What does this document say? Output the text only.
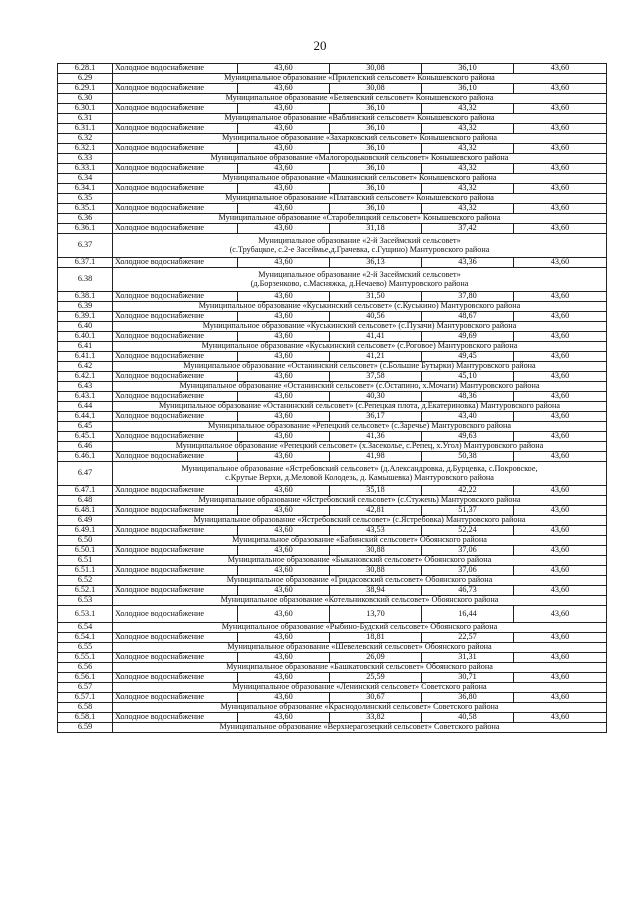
20
6.28.1	Холодное водоснабжение	43,60	30,08	36,10	43,60
6.29	Муниципальное образование «Прилепский сельсовет» Конышевского района				

6.29.1	Холодное водоснабжение	43,60	30,08	36,10	43,60
6.30	Муниципальное образование «Беляевский сельсовет» Конышевского района				

6.30.1	Холодное водоснабжение	43,60	36,10	43,32	43,60
6.31	Муниципальное образование «Ваблинский сельсовет» Конышевского района				

6.31.1	Холодное водоснабжение	43,60	36,10	43,32	43,60
6.32	Муниципальное образование «Захарковский сельсовет» Конышевского района				

6.32.1	Холодное водоснабжение	43,60	36,10	43,32	43,60
6.33	Муниципальное образование «Малогородьковский сельсовет» Конышевского района				

6.33.1	Холодное водоснабжение	43,60	36,10	43,32	43,60
6.34	Муниципальное образование «Машкинский сельсовет» Конышевского района				

6.34.1	Холодное водоснабжение	43,60	36,10	43,32	43,60
6.35	Муниципальное образование «Платавский сельсовет» Конышевского района				

6.35.1	Холодное водоснабжение	43,60	36,10	43,32	43,60
6.36	Муниципальное образование «Старобелицкий сельсовет» Конышевского района				

6.36.1	Холодное водоснабжение	43,60	31,18	37,42	43,60
6.37	Муниципальное образование «2-й Засеймский сельсовет»
(с.Трубацкое, с.2-е Засеймье,д.Грачевка, с.Гущино) Мантуровского района				

6.37.1	Холодное водоснабжение	43,60	36,13	43,36	43,60
6.38	Муниципальное образование «2-й Засеймский сельсовет»
(д.Борзенково, с.Масняжка, д.Нечаево) Мантуровского района				

6.38.1	Холодное водоснабжение	43,60	31,50	37,80	43,60
6.39	Муниципальное образование «Куськинский сельсовет» (с.Куськино) Мантуровского района				

6.39.1	Холодное водоснабжение	43,60	40,56	48,67	43,60
6.40	Муниципальное образование «Куськинский сельсовет» (с.Пузачи) Мантуровского района				

6.40.1	Холодное водоснабжение	43,60	41,41	49,69	43,60
6.41	Муниципальное образование «Куськинский сельсовет» (с.Роговое) Мантуровского района				

6.41.1	Холодное водоснабжение	43,60	41,21	49,45	43,60
6.42	Муниципальное образование «Останинский сельсовет» (с.Большие Бутырки) Мантуровского района				

6.42.1	Холодное водоснабжение	43,60	37,58	45,10	43,60
6.43	Муниципальное образование «Останинский сельсовет» (с.Остапино, х.Мочаги) Мантуровского района				

6.43.1	Холодное водоснабжение	43,60	40,30	48,36	43,60
6.44	Муниципальное образование «Останинский сельсовет» (с.Репецкая плота, д.Екатериновка) Мантуровского района				

6.44.1	Холодное водоснабжение	43,60	36,17	43,40	43,60
6.45	Муниципальное образование «Репецкий сельсовет» (с.Заречье) Мантуровского района				

6.45.1	Холодное водоснабжение	43,60	41,36	49,63	43,60
6.46	Муниципальное образование «Репецкий сельсовет» (х.Засеколье, с.Репец, х.Угол) Мантуровского района				

6.46.1	Холодное водоснабжение	43,60	41,98	50,38	43,60
6.47	Муниципальное образование «Ястребовский сельсовет» (д.Александровка, д.Бурцевка, с.Покровское,
с.Крутые Верхи, д.Меловой Колодезь, д. Камышевка) Мантуровского района				

6.47.1	Холодное водоснабжение	43,60	35,18	42,22	43,60
6.48	Муниципальное образование «Ястребовский сельсовет» (с.Стужень) Мантуровского района				

6.48.1	Холодное водоснабжение	43,60	42,81	51,37	43,60
6.49	Муниципальное образование «Ястребовский сельсовет» (с.Ястребовка) Мантуровского района				

6.49.1	Холодное водоснабжение	43,60	43,53	52,24	43,60
6.50	Муниципальное образование «Бабинский сельсовет» Обоянского района				

6.50.1	Холодное водоснабжение	43,60	30,88	37,06	43,60
6.51	Муниципальное образование «Быкановский сельсовет» Обоянского района				

6.51.1	Холодное водоснабжение	43,60	30,88	37,06	43,60
6.52	Муниципальное образование «Гридасовский сельсовет» Обоянского района				

6.52.1	Холодное водоснабжение	43,60	38,94	46,73	43,60
6.53	Муниципальное образование «Котельниковский сельсовет» Обоянского района				

6.53.1	Холодное водоснабжение	43,60	13,70	16,44	43,60
6.54	Муниципальное образование «Рыбино-Будский сельсовет» Обоянского района				

6.54.1	Холодное водоснабжение	43,60	18,81	22,57	43,60
6.55	Муниципальное образование «Шевелевский сельсовет» Обоянского района				

6.55.1	Холодное водоснабжение	43,60	26,09	31,31	43,60
6.56	Муниципальное образование «Башкатовский сельсовет» Обоянского района				

6.56.1	Холодное водоснабжение	43,60	25,59	30,71	43,60
6.57	Муниципальное образование «Ленинский сельсовет» Советского района				

6.57.1	Холодное водоснабжение	43,60	30,67	36,80	43,60
6.58	Муниципальное образование «Краснодолинский сельсовет» Советского района				

6.58.1	Холодное водоснабжение	43,60	33,82	40,58	43,60
6.59	Муниципальное образование «Верхнерагозецкий сельсовет» Советского района				
